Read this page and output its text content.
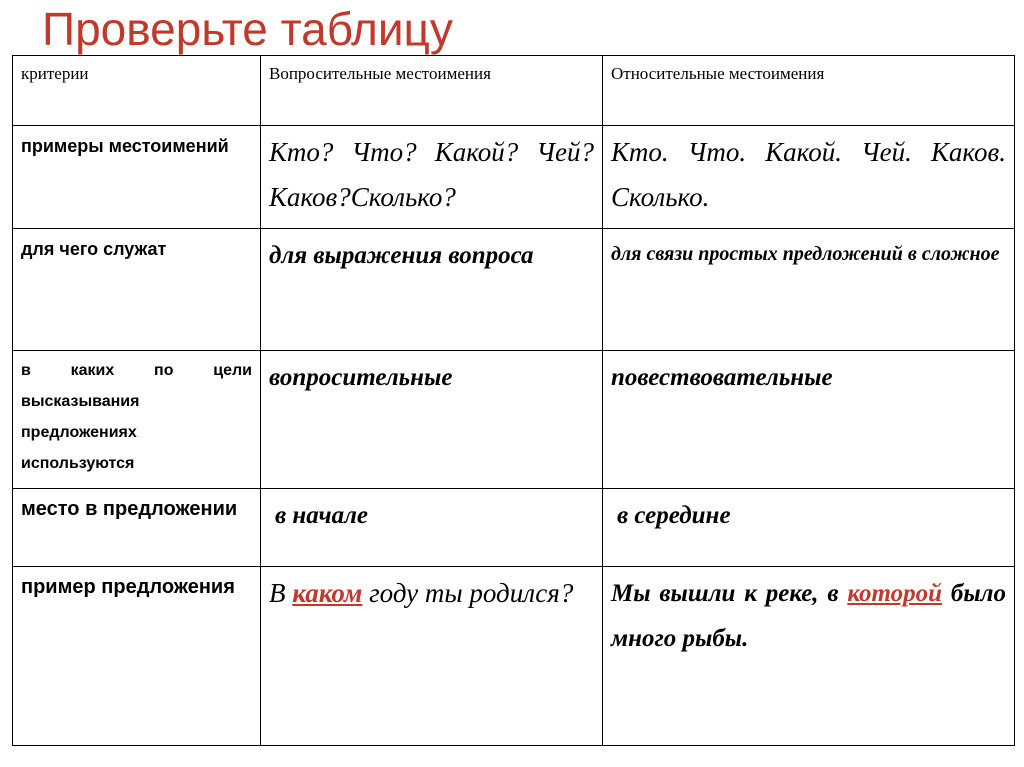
Проверьте таблицу
критерии	Вопросительные местоимения	Относительные местоимения
примеры местоимений	Кто? Что? Какой? Чей?Каков?Сколько?	Кто. Что. Какой. Чей. Каков. Сколько.
для чего служат	для выражения вопроса	для связи простых предложений в сложное
в каких по цели высказывания предложениях используются	вопросительные	повествовательные
место в предложении	в начале	в середине
пример предложения	В каком году ты родился?	Мы вышли к реке, в которой было много рыбы.
